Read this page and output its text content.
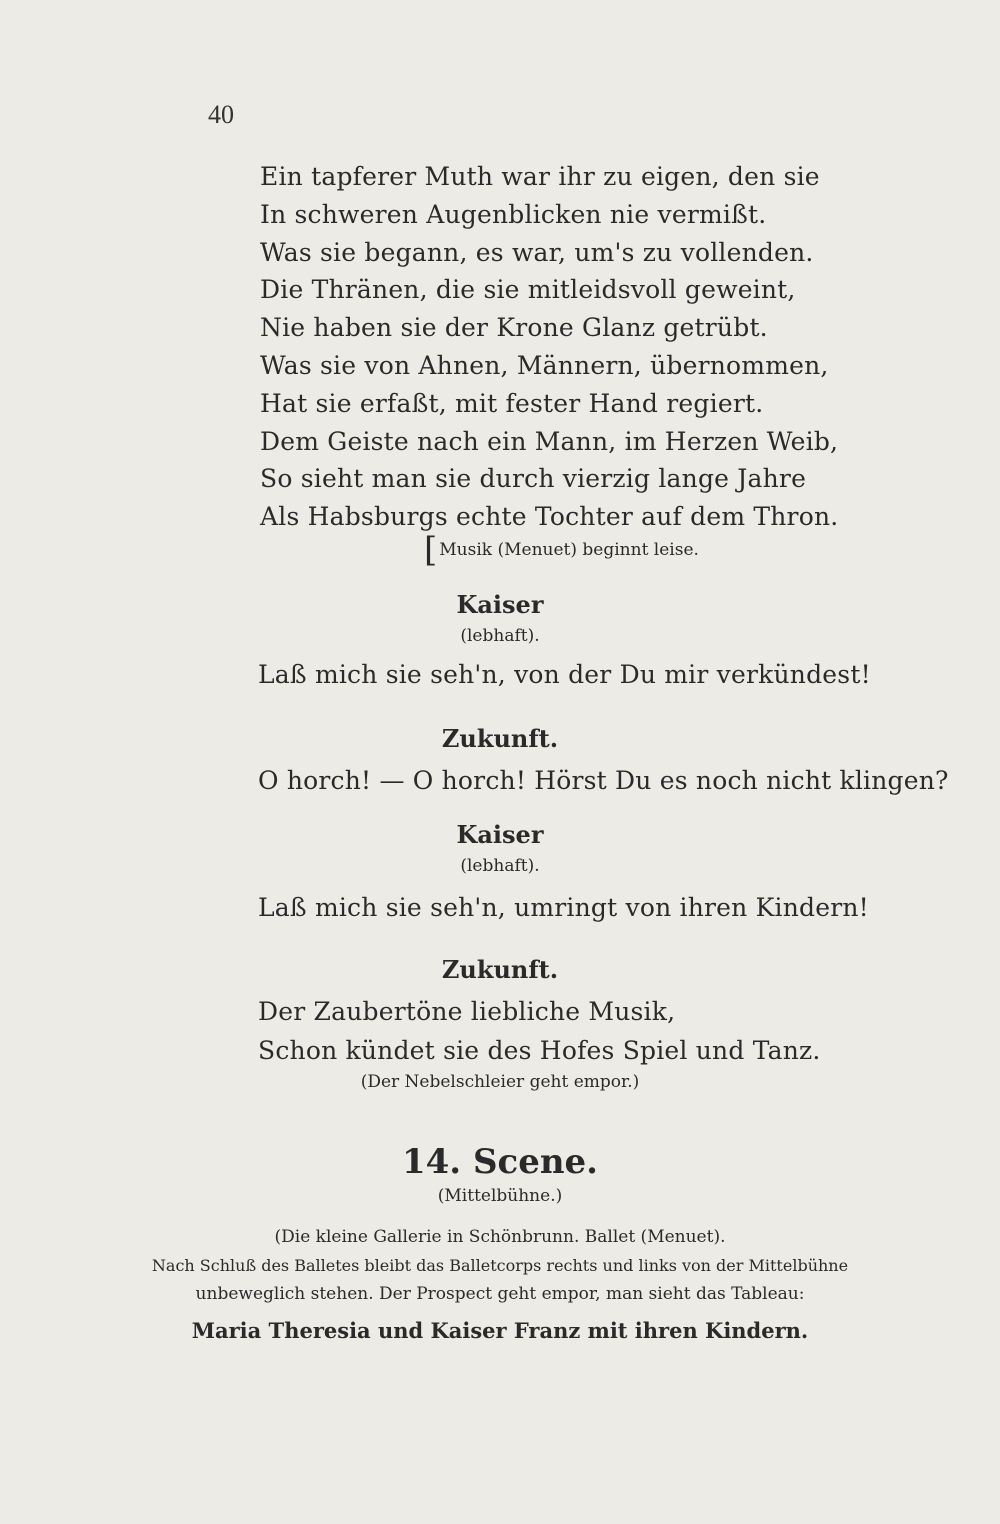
40
Ein tapferer Muth war ihr zu eigen, den sie
In schweren Augenblicken nie vermißt.
Was sie begann, es war, um's zu vollenden.
Die Thränen, die sie mitleidsvoll geweint,
Nie haben sie der Krone Glanz getrübt.
Was sie von Ahnen, Männern, übernommen,
Hat sie erfaßt, mit fester Hand regiert.
Dem Geiste nach ein Mann, im Herzen Weib,
So sieht man sie durch vierzig lange Jahre
Als Habsburgs echte Tochter auf dem Thron.
[ Musik (Menuet) beginnt leise.
Kaiser
(lebhaft).
Laß mich sie seh'n, von der Du mir verkündest!
Zukunft.
O horch! — O horch! Hörst Du es noch nicht klingen?
Kaiser
(lebhaft).
Laß mich sie seh'n, umringt von ihren Kindern!
Zukunft.
Der Zaubertöne liebliche Musik,
Schon kündet sie des Hofes Spiel und Tanz.
(Der Nebelschleier geht empor.)
14. Scene.
(Mittelbühne.)
(Die kleine Gallerie in Schönbrunn. Ballet (Menuet).
Nach Schluß des Balletes bleibt das Balletcorps rechts und links von der Mittelbühne
unbeweglich stehen. Der Prospect geht empor, man sieht das Tableau:
Maria Theresia und Kaiser Franz mit ihren Kindern.
